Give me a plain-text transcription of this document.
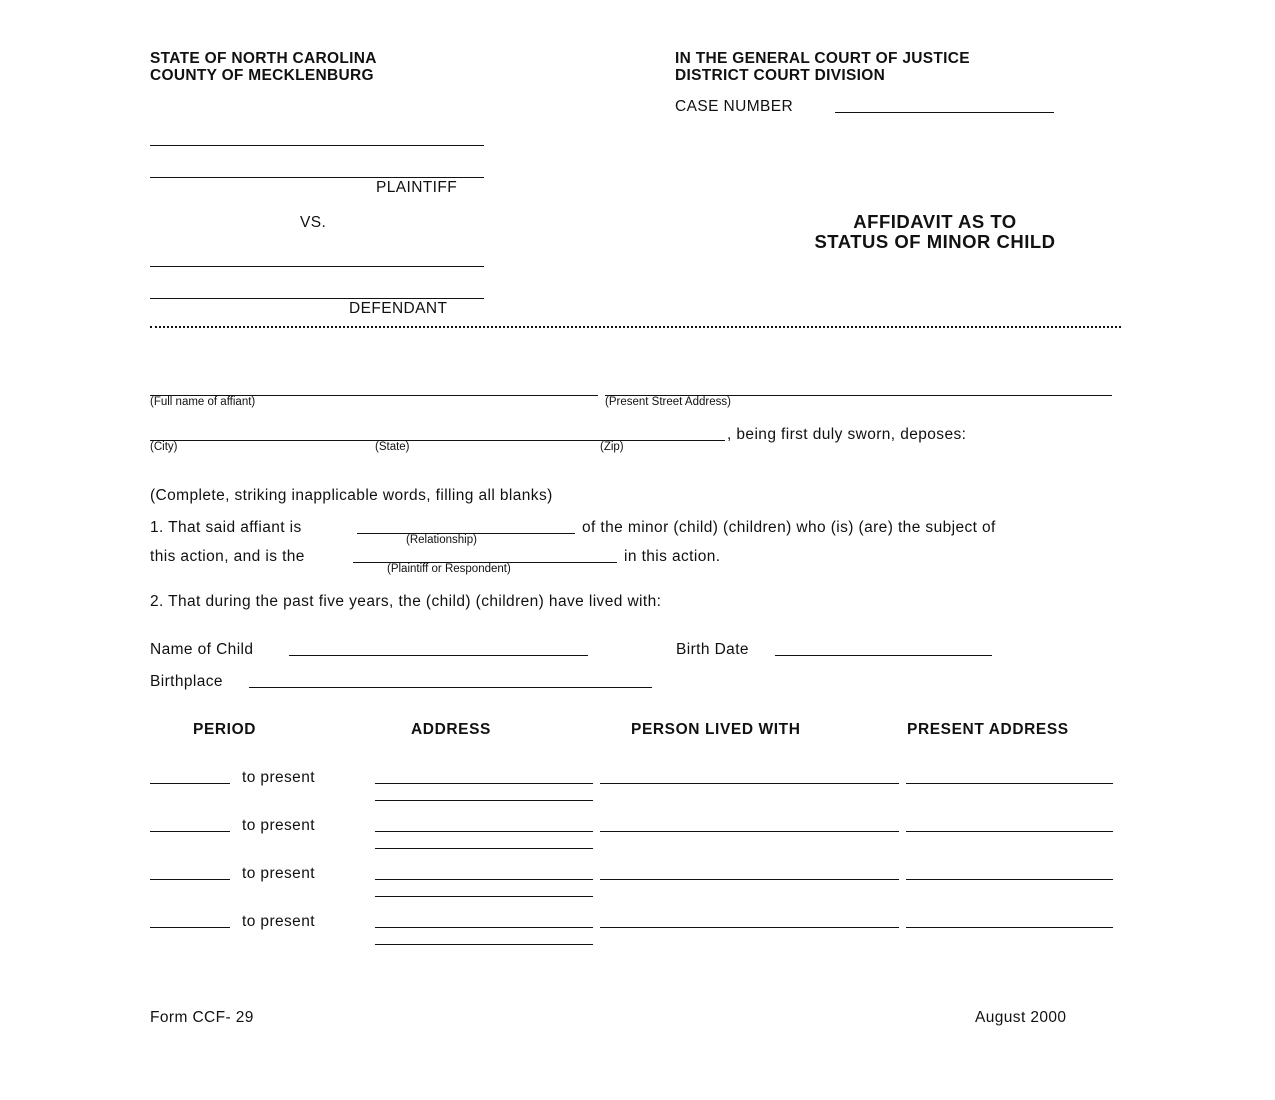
STATE OF NORTH CAROLINA
COUNTY OF MECKLENBURG
IN THE GENERAL COURT OF JUSTICE
DISTRICT COURT DIVISION
CASE NUMBER
PLAINTIFF
VS.
DEFENDANT
AFFIDAVIT AS TO
STATUS OF MINOR CHILD
(Full name of affiant)	(Present Street Address)
, being first duly sworn, deposes:
(City)	(State)	(Zip)
(Complete, striking inapplicable words, filling all blanks)
1. That said affiant is	of the minor (child) (children) who (is) (are) the subject of
(Relationship)
this action, and is the	in this action.
(Plaintiff or Respondent)
2. That during the past five years, the (child) (children) have lived with:
Name of Child	Birth Date
Birthplace
PERIOD	ADDRESS	PERSON LIVED WITH	PRESENT ADDRESS
to present
to present
to present
to present
Form CCF- 29	August 2000
